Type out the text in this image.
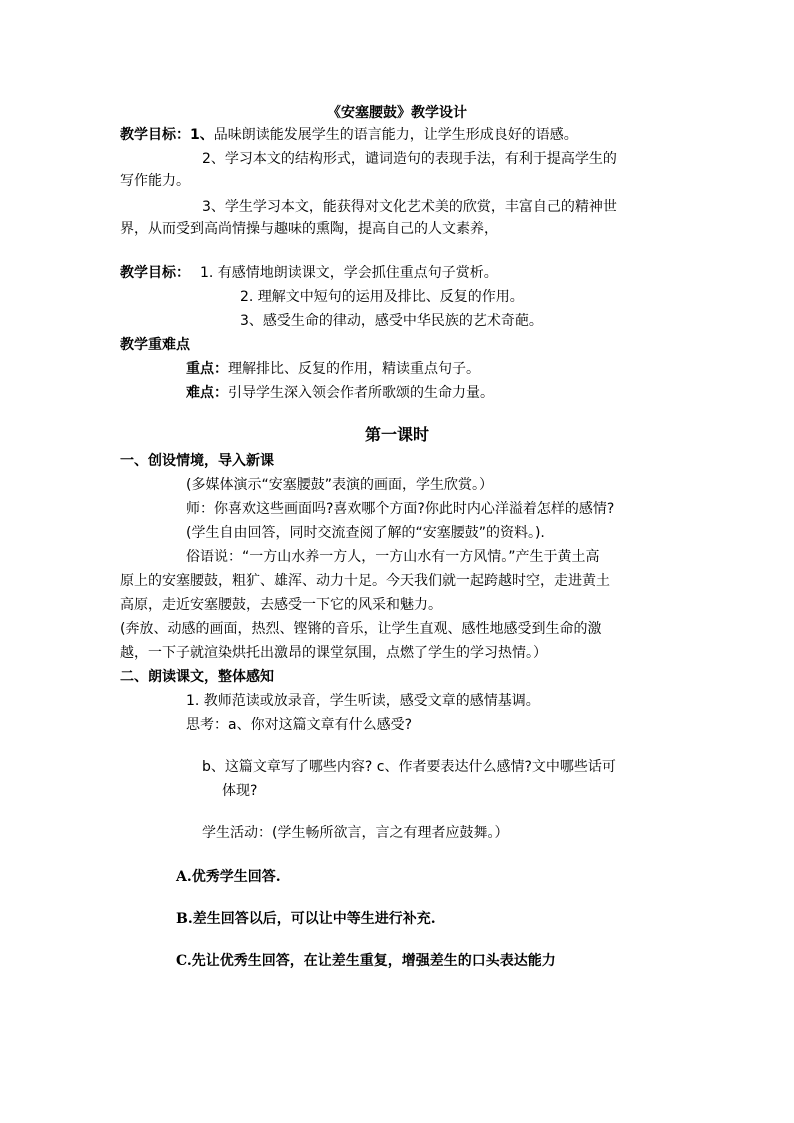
《安塞腰鼓》教学设计
教学目标：1、品味朗读能发展学生的语言能力，让学生形成良好的语感。
2、学习本文的结构形式，谴词造句的表现手法，有利于提高学生的
写作能力。
3、学生学习本文，能获得对文化艺术美的欣赏，丰富自己的精神世
界，从而受到高尚情操与趣味的熏陶，提高自己的人文素养，
教学目标： 1. 有感情地朗读课文，学会抓住重点句子赏析。
2. 理解文中短句的运用及排比、反复的作用。
3、感受生命的律动，感受中华民族的艺术奇葩。
教学重难点
重点：理解排比、反复的作用，精读重点句子。
难点：引导学生深入领会作者所歌颂的生命力量。
第一课时
一、创设情境，导入新课
(多媒体演示“安塞腰鼓”表演的画面，学生欣赏。）
师：你喜欢这些画面吗?喜欢哪个方面?你此时内心洋溢着怎样的感情?
(学生自由回答，同时交流查阅了解的“安塞腰鼓”的资料。).
俗语说：“一方山水养一方人，一方山水有一方风情。”产生于黄土高
原上的安塞腰鼓，粗犷、雄浑、动力十足。今天我们就一起跨越时空，走进黄土
高原，走近安塞腰鼓，去感受一下它的风采和魅力。
(奔放、动感的画面，热烈、铿锵的音乐，让学生直观、感性地感受到生命的激
越，一下子就渲染烘托出激昂的课堂氛围，点燃了学生的学习热情。）
二、朗读课文，整体感知
1. 教师范读或放录音，学生听读，感受文章的感情基调。
思考：a、你对这篇文章有什么感受?
b、这篇文章写了哪些内容? c、作者要表达什么感情?文中哪些话可
体现?
学生活动：(学生畅所欲言，言之有理者应鼓舞。）
A.优秀学生回答.
B.差生回答以后，可以让中等生进行补充.
C.先让优秀生回答，在让差生重复，增强差生的口头表达能力
